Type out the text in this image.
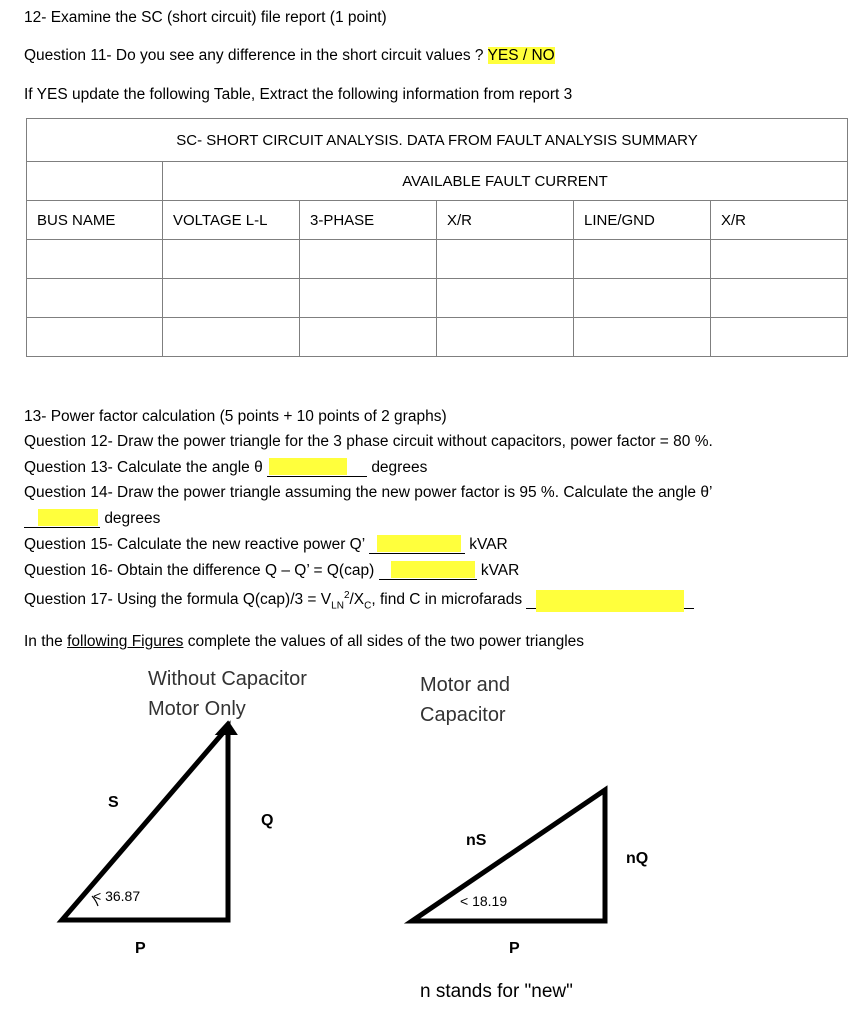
12- Examine the SC (short circuit) file report (1 point)
Question 11- Do you see any difference in the short circuit values ? YES / NO
If YES update the following Table, Extract the following information from report 3
SC- SHORT CIRCUIT ANALYSIS. DATA FROM FAULT ANALYSIS SUMMARY					
	AVAILABLE FAULT CURRENT				
BUS NAME	VOLTAGE L-L	3-PHASE	X/R	LINE/GND	X/R

13- Power factor calculation (5 points + 10 points of 2 graphs)
Question 12- Draw the power triangle for the 3 phase circuit without capacitors, power factor = 80 %.
Question 13- Calculate the angle θ	degrees
Question 14- Draw the power triangle assuming the new power factor is 95 %. Calculate the angle θ’
degrees
Question 15- Calculate the new reactive power Q’	kVAR
Question 16- Obtain the difference Q – Q’ = Q(cap)	kVAR
Question 17- Using the formula $Q(cap)/3 = V_{LN}^2/X_C$, find C in microfarads
In the following Figures complete the values of all sides of the two power triangles
Without Capacitor
Motor Only
Motor and
Capacitor
S
Q
P
< 36.87
nS
nQ
P
< 18.19
n stands for "new"
